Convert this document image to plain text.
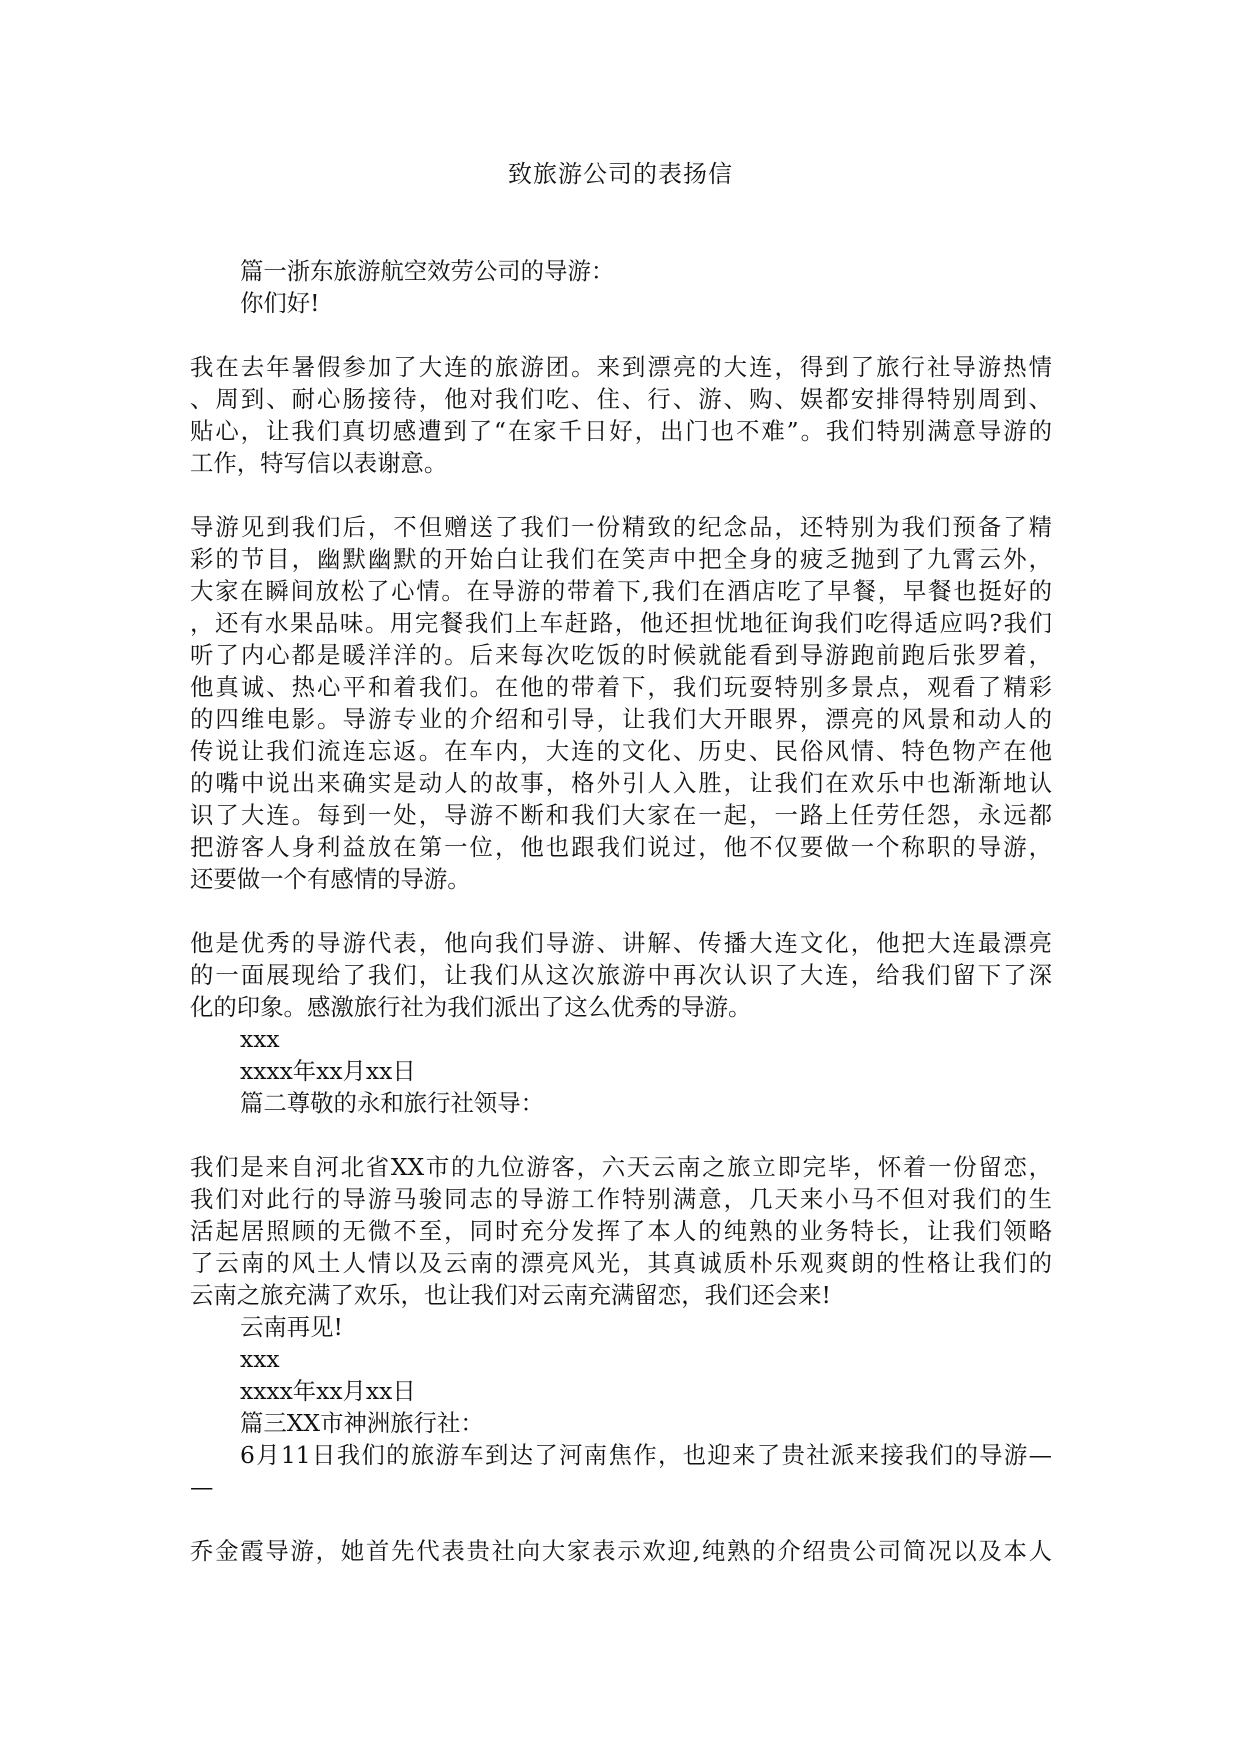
致旅游公司的表扬信
篇一浙东旅游航空效劳公司的导游：
你们好!
我在去年暑假参加了大连的旅游团。来到漂亮的大连，得到了旅行社导游热情
、周到、耐心肠接待，他对我们吃、住、行、游、购、娱都安排得特别周到、
贴心，让我们真切感遭到了“在家千日好，出门也不难”。我们特别满意导游的
工作，特写信以表谢意。
导游见到我们后，不但赠送了我们一份精致的纪念品，还特别为我们预备了精
彩的节目，幽默幽默的开始白让我们在笑声中把全身的疲乏抛到了九霄云外，
大家在瞬间放松了心情。在导游的带着下,我们在酒店吃了早餐，早餐也挺好的
，还有水果品味。用完餐我们上车赶路，他还担忧地征询我们吃得适应吗?我们
听了内心都是暖洋洋的。后来每次吃饭的时候就能看到导游跑前跑后张罗着，
他真诚、热心平和着我们。在他的带着下，我们玩耍特别多景点，观看了精彩
的四维电影。导游专业的介绍和引导，让我们大开眼界，漂亮的风景和动人的
传说让我们流连忘返。在车内，大连的文化、历史、民俗风情、特色物产在他
的嘴中说出来确实是动人的故事，格外引人入胜，让我们在欢乐中也渐渐地认
识了大连。每到一处，导游不断和我们大家在一起，一路上任劳任怨，永远都
把游客人身利益放在第一位，他也跟我们说过，他不仅要做一个称职的导游，
还要做一个有感情的导游。
他是优秀的导游代表，他向我们导游、讲解、传播大连文化，他把大连最漂亮
的一面展现给了我们，让我们从这次旅游中再次认识了大连，给我们留下了深
化的印象。感激旅行社为我们派出了这么优秀的导游。
xxx
xxxx年xx月xx日
篇二尊敬的永和旅行社领导：
我们是来自河北省XX市的九位游客，六天云南之旅立即完毕，怀着一份留恋，
我们对此行的导游马骏同志的导游工作特别满意，几天来小马不但对我们的生
活起居照顾的无微不至，同时充分发挥了本人的纯熟的业务特长，让我们领略
了云南的风土人情以及云南的漂亮风光，其真诚质朴乐观爽朗的性格让我们的
云南之旅充满了欢乐，也让我们对云南充满留恋，我们还会来!
云南再见!
xxx
xxxx年xx月xx日
篇三XX市神洲旅行社：
6月11日我们的旅游车到达了河南焦作，也迎来了贵社派来接我们的导游—
—
乔金霞导游，她首先代表贵社向大家表示欢迎,纯熟的介绍贵公司简况以及本人
